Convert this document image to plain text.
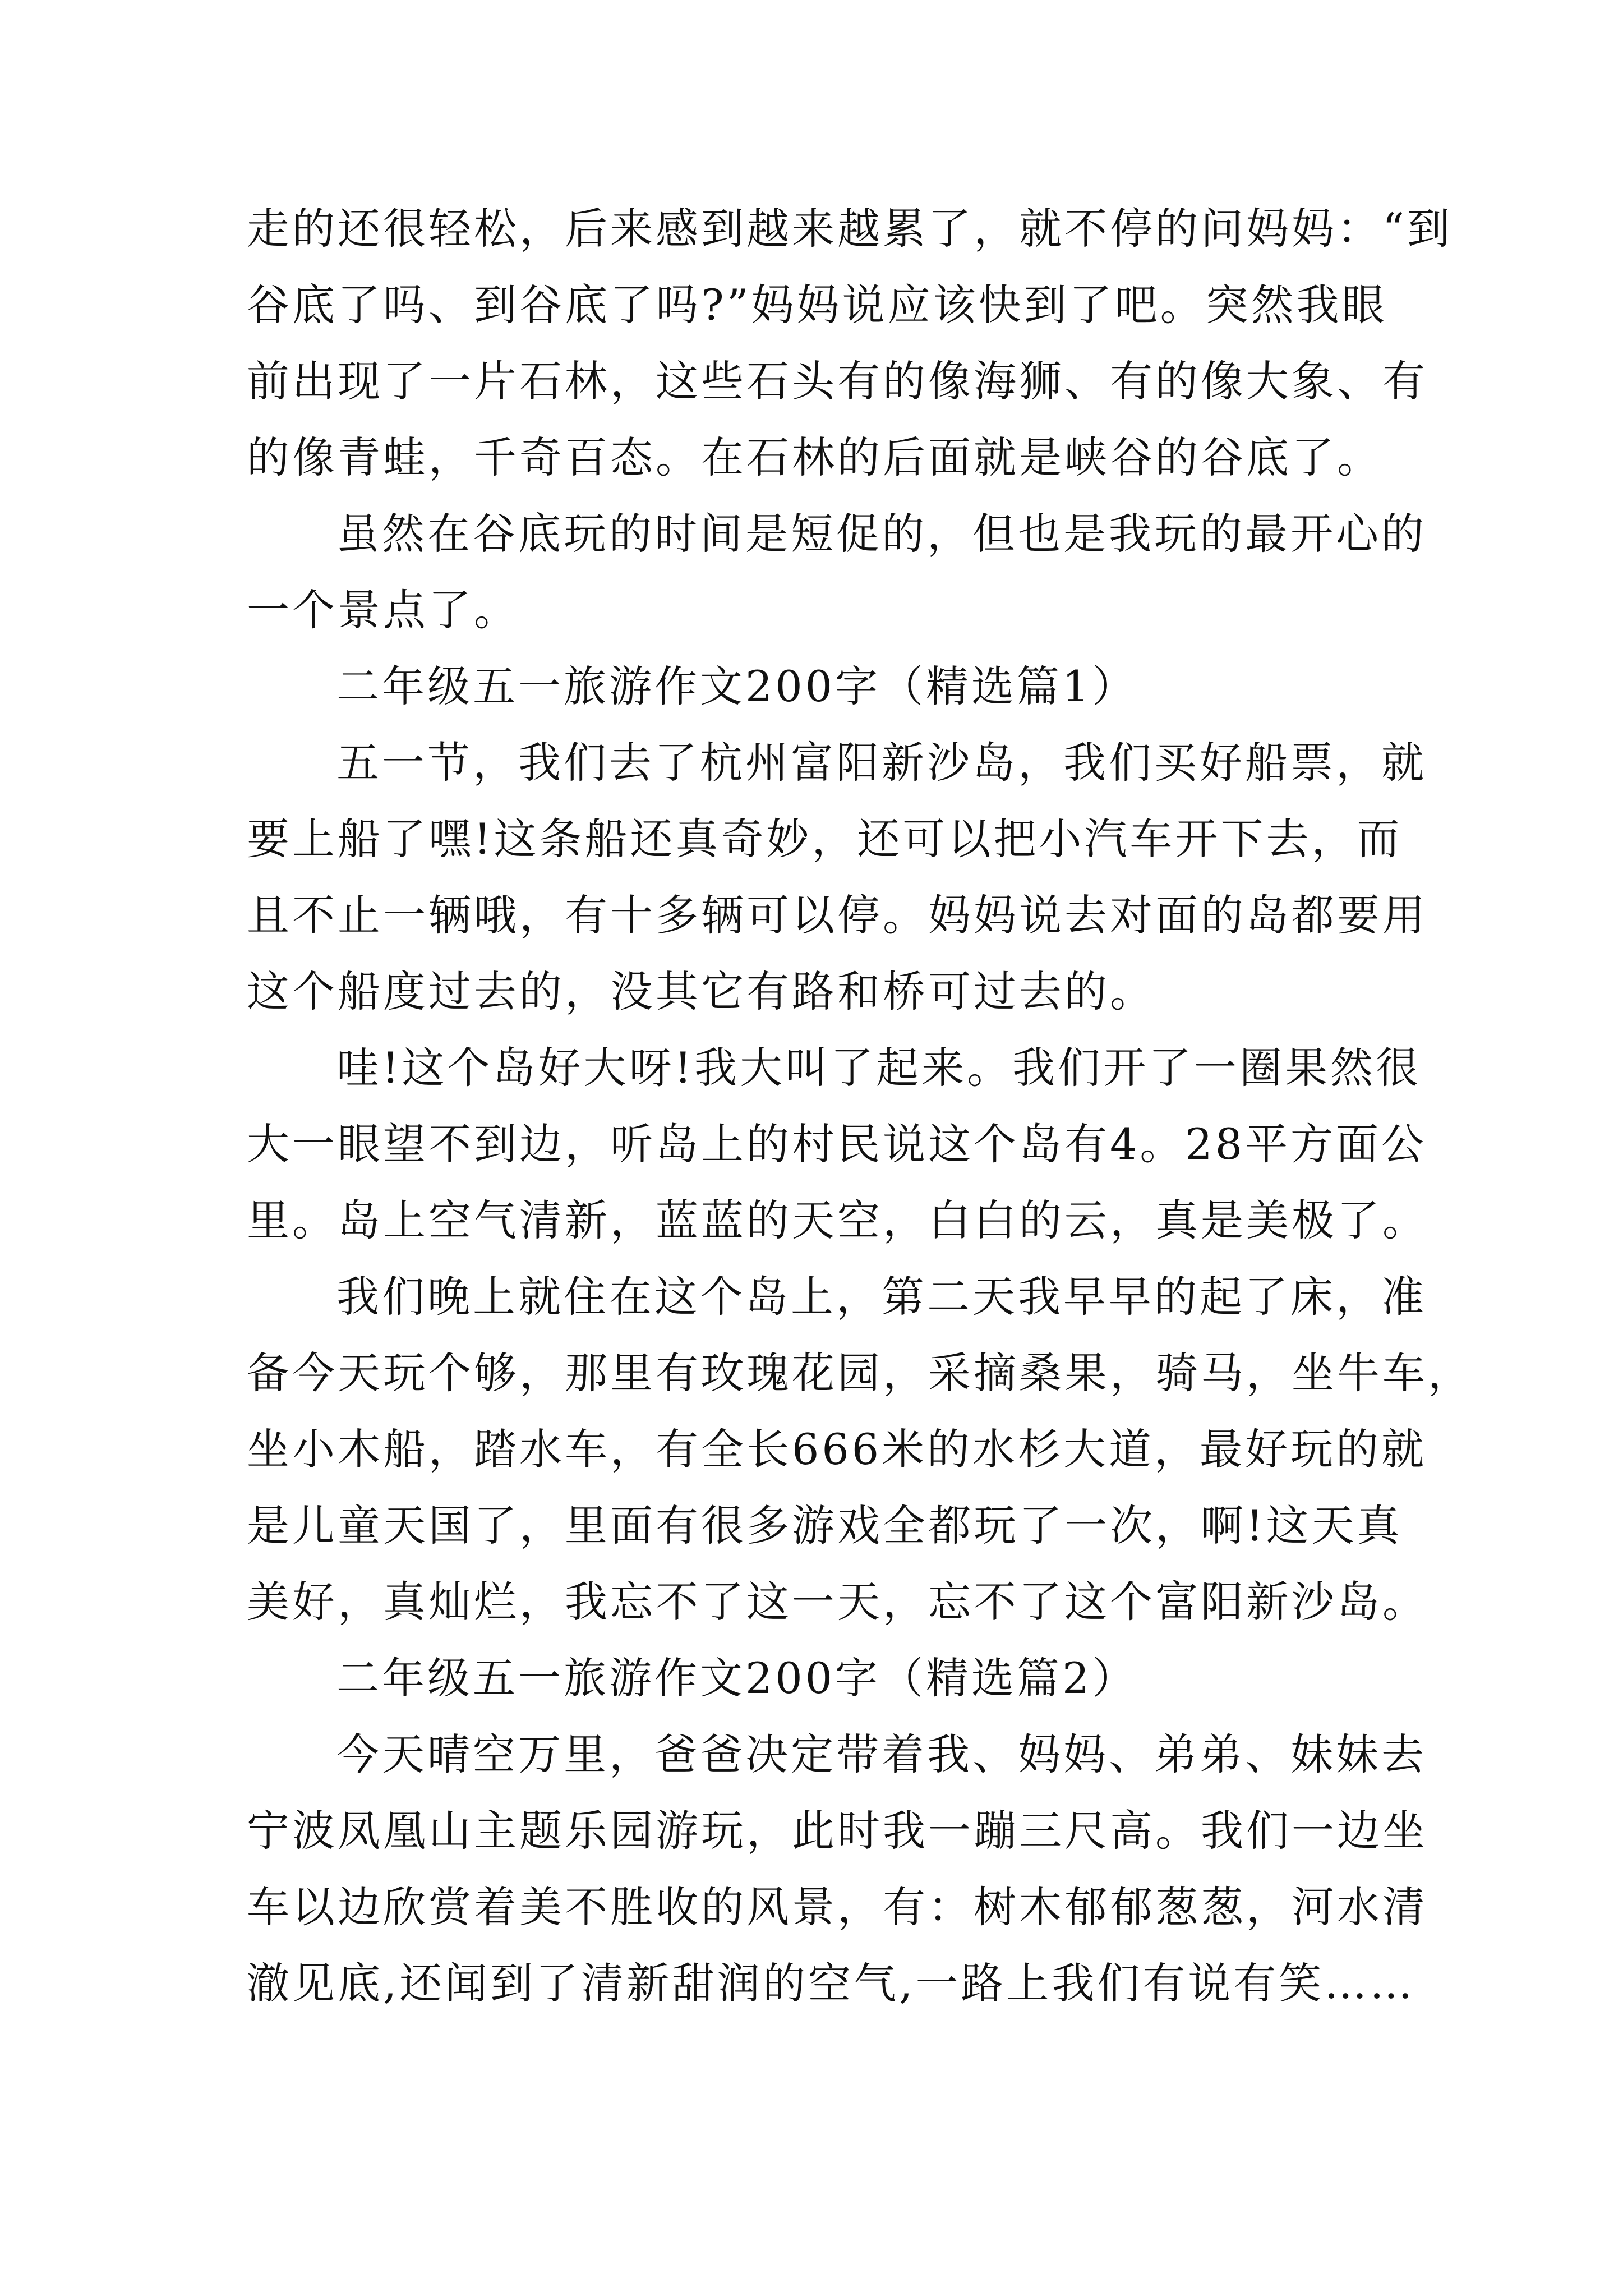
走的还很轻松，后来感到越来越累了，就不停的问妈妈：“到
谷底了吗、到谷底了吗?”妈妈说应该快到了吧。突然我眼
前出现了一片石林，这些石头有的像海狮、有的像大象、有
的像青蛙，千奇百态。在石林的后面就是峡谷的谷底了。
虽然在谷底玩的时间是短促的，但也是我玩的最开心的
一个景点了。
二年级五一旅游作文200字（精选篇1）
五一节，我们去了杭州富阳新沙岛，我们买好船票，就
要上船了嘿!这条船还真奇妙，还可以把小汽车开下去，而
且不止一辆哦，有十多辆可以停。妈妈说去对面的岛都要用
这个船度过去的，没其它有路和桥可过去的。
哇!这个岛好大呀!我大叫了起来。我们开了一圈果然很
大一眼望不到边，听岛上的村民说这个岛有4。28平方面公
里。岛上空气清新，蓝蓝的天空，白白的云，真是美极了。
我们晚上就住在这个岛上，第二天我早早的起了床，准
备今天玩个够，那里有玫瑰花园，采摘桑果，骑马，坐牛车，
坐小木船，踏水车，有全长666米的水杉大道，最好玩的就
是儿童天国了，里面有很多游戏全都玩了一次，啊!这天真
美好，真灿烂，我忘不了这一天，忘不了这个富阳新沙岛。
二年级五一旅游作文200字（精选篇2）
今天晴空万里，爸爸决定带着我、妈妈、弟弟、妹妹去
宁波凤凰山主题乐园游玩，此时我一蹦三尺高。我们一边坐
车以边欣赏着美不胜收的风景，有：树木郁郁葱葱，河水清
澈见底,还闻到了清新甜润的空气,一路上我们有说有笑……
